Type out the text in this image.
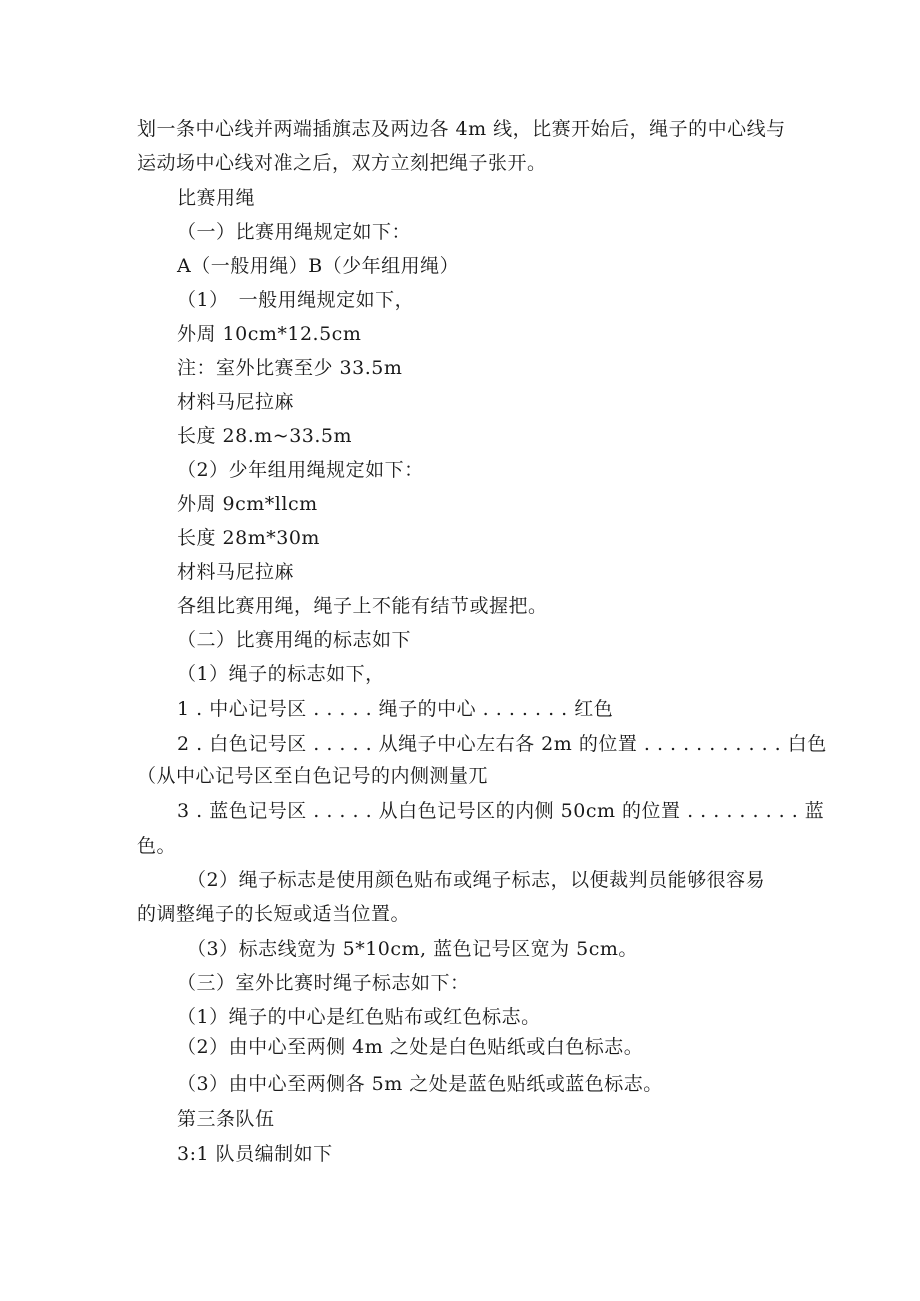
划一条中心线并两端插旗志及两边各 4m 线，比赛开始后，绳子的中心线与
运动场中心线对准之后，双方立刻把绳子张开。
比赛用绳
（一）比赛用绳规定如下：
A（一般用绳）B（少年组用绳）
（1）　一般用绳规定如下，
外周 10cm*12.5cm
注：室外比赛至少 33.5m
材料马尼拉麻
长度 28.m~33.5m
（2）少年组用绳规定如下：
外周 9cm*llcm
长度 28m*30m
材料马尼拉麻
各组比赛用绳，绳子上不能有结节或握把。
（二）比赛用绳的标志如下
（1）绳子的标志如下，
1 . 中心记号区 . . . . . 绳子的中心 . . . . . . . 红色
2 . 白色记号区 . . . . . 从绳子中心左右各 2m 的位置 . . . . . . . . . . . 白色
（从中心记号区至白色记号的内侧测量兀
3 . 蓝色记号区 . . . . . 从白色记号区的内侧 50cm 的位置 . . . . . . . . . 蓝
色。
（2）绳子标志是使用颜色贴布或绳子标志，以便裁判员能够很容易
的调整绳子的长短或适当位置。
（3）标志线宽为 5*10cm, 蓝色记号区宽为 5cm。
（三）室外比赛时绳子标志如下：
（1）绳子的中心是红色贴布或红色标志。
（2）由中心至两侧 4m 之处是白色贴纸或白色标志。
（3）由中心至两侧各 5m 之处是蓝色贴纸或蓝色标志。
第三条队伍
3:1 队员编制如下
